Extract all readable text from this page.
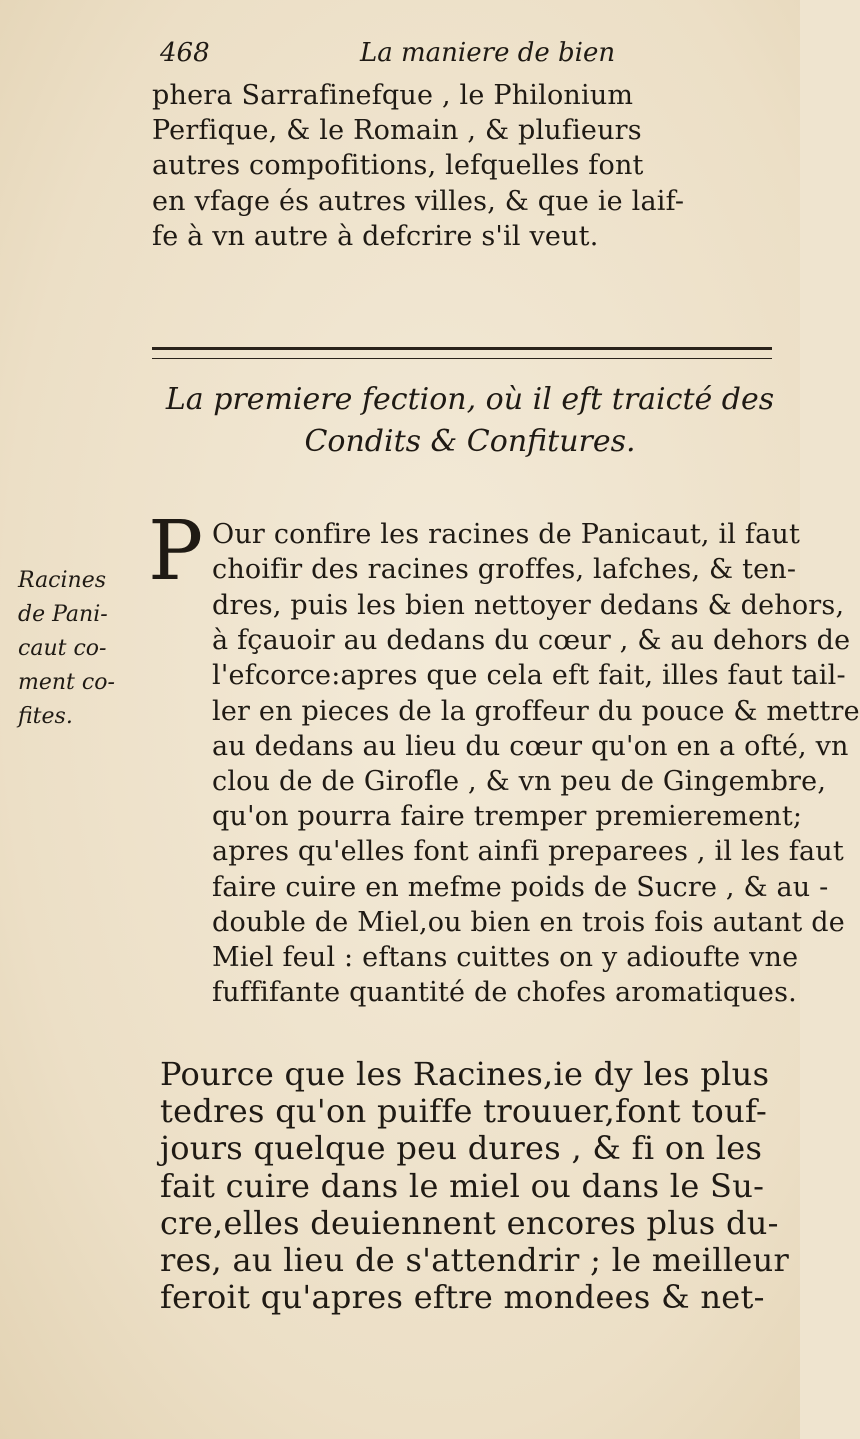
468	La maniere de bien
phera Sarrafinefque , le Philonium
Perfique, & le Romain , & plufieurs
autres compofitions, lefquelles font
en vfage és autres villes, & que ie laif-
fe à vn autre à defcrire s'il veut.
La premiere fection, où il eft traicté des
Condits & Confitures.
Racines
de Pani-
caut co-
ment co-
fites.
P Our confire les racines de Panicaut, il faut
choifir des racines groffes, lafches, & ten-
dres, puis les bien nettoyer dedans & dehors,
à fçauoir au dedans du cœur , & au dehors de
l'efcorce:apres que cela eft fait, illes faut tail-
ler en pieces de la groffeur du pouce & mettre
au dedans au lieu du cœur qu'on en a ofté, vn
clou de de Girofle , & vn peu de Gingembre,
qu'on pourra faire tremper premierement;
apres qu'elles font ainfi preparees , il les faut
faire cuire en mefme poids de Sucre , & au -
double de Miel,ou bien en trois fois autant de
Miel feul : eftans cuittes on y adioufte vne
fuffifante quantité de chofes aromatiques.
Pource que les Racines,ie dy les plus
tedres qu'on puiffe trouuer,font touf-
jours quelque peu dures , & fi on les
fait cuire dans le miel ou dans le Su-
cre,elles deuiennent encores plus du-
res, au lieu de s'attendrir ; le meilleur
feroit qu'apres eftre mondees & net-
